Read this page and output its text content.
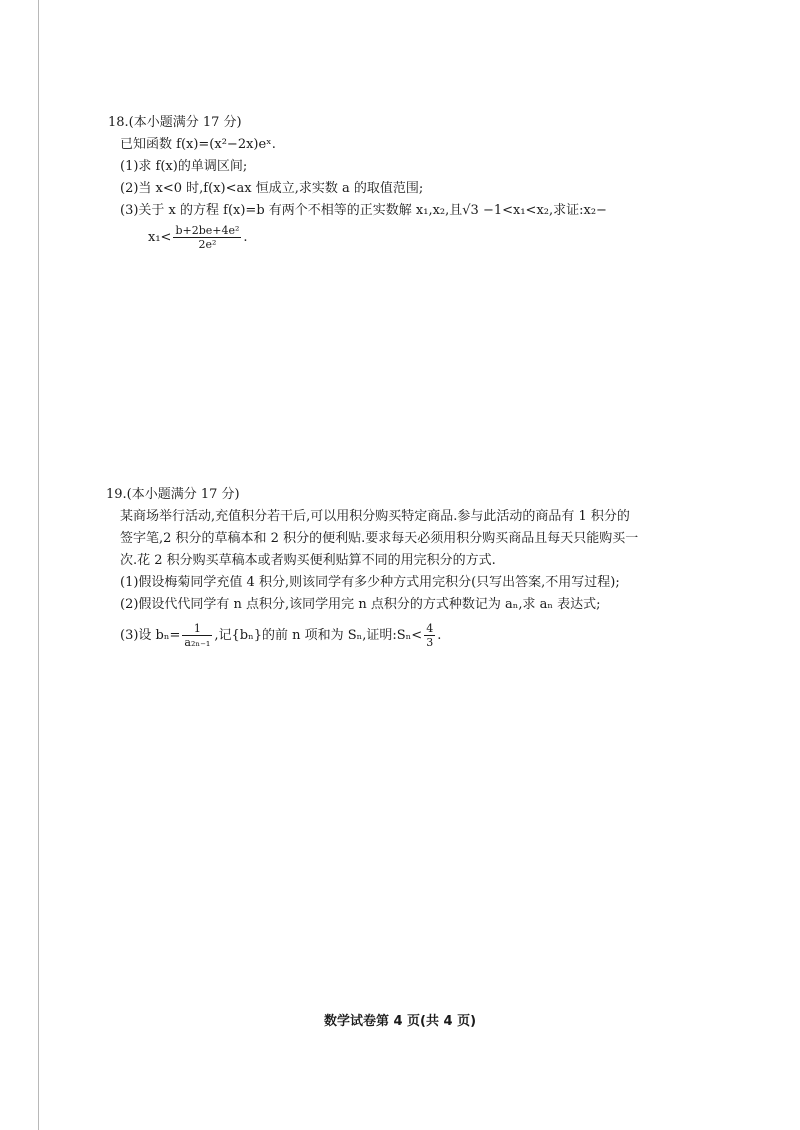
18.(本小题满分 17 分)
已知函数 f(x)=(x²−2x)eˣ.
(1)求 f(x)的单调区间;
(2)当 x<0 时,f(x)<ax 恒成立,求实数 a 的取值范围;
(3)关于 x 的方程 f(x)=b 有两个不相等的正实数解 x₁,x₂,且√3 −1<x₁<x₂,求证:x₂−
$x_1< \frac{\text{b+2be+4e²}}{\text{2e²}}$ .
19.(本小题满分 17 分)
某商场举行活动,充值积分若干后,可以用积分购买特定商品.参与此活动的商品有 1 积分的
签字笔,2 积分的草稿本和 2 积分的便利贴.要求每天必须用积分购买商品且每天只能购买一
次.花 2 积分购买草稿本或者购买便利贴算不同的用完积分的方式.
(1)假设梅菊同学充值 4 积分,则该同学有多少种方式用完积分(只写出答案,不用写过程);
(2)假设代代同学有 n 点积分,该同学用完 n 点积分的方式种数记为 aₙ,求 aₙ 表达式;
(3)设 $b_n= \frac{1}{\text{a₂ₙ₋₁}}$ ,记{bₙ}的前 n 项和为 Sₙ,证明:Sₙ< $\frac{4}{3}$ .
数学试卷第 4 页(共 4 页)
